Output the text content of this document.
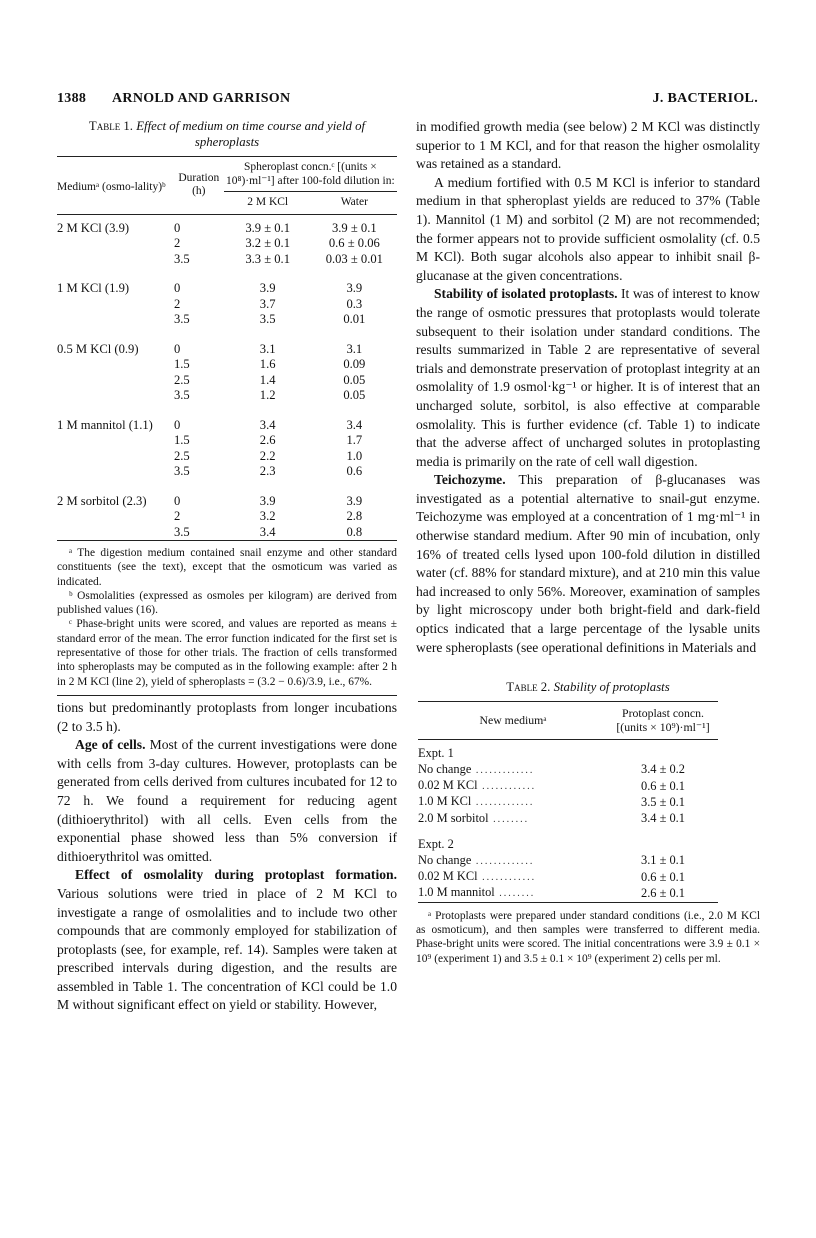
1388 ARNOLD AND GARRISON	J. BACTERIOL.
Table 1. Effect of medium on time course and yield of spheroplasts
Mediumᵃ (osmo-lality)ᵇ	Duration (h)	Spheroplast concn.ᶜ [(units × 10⁸)·ml⁻¹] after 100-fold dilution in:	
		2 M KCl	Water

2 M KCl (3.9)	0	3.9 ± 0.1	3.9 ± 0.1
	2	3.2 ± 0.1	0.6 ± 0.06
	3.5	3.3 ± 0.1	0.03 ± 0.01

1 M KCl (1.9)	0	3.9	3.9
	2	3.7	0.3
	3.5	3.5	0.01

0.5 M KCl (0.9)	0	3.1	3.1
	1.5	1.6	0.09
	2.5	1.4	0.05
	3.5	1.2	0.05

1 M mannitol (1.1)	0	3.4	3.4
	1.5	2.6	1.7
	2.5	2.2	1.0
	3.5	2.3	0.6

2 M sorbitol (2.3)	0	3.9	3.9
	2	3.2	2.8
	3.5	3.4	0.8

ᵃ The digestion medium contained snail enzyme and other standard constituents (see the text), except that the osmoticum was varied as indicated.

ᵇ Osmolalities (expressed as osmoles per kilogram) are derived from published values (16).

ᶜ Phase-bright units were scored, and values are reported as means ± standard error of the mean. The error function indicated for the first set is representative of those for other trials. The fraction of cells transformed into spheroplasts may be computed as in the following example: after 2 h in 2 M KCl (line 2), yield of spheroplasts = (3.2 − 0.6)/3.9, i.e., 67%.

tions but predominantly protoplasts from longer incubations (2 to 3.5 h).

Age of cells. Most of the current investigations were done with cells from 3-day cultures. However, protoplasts can be generated from cells derived from cultures incubated for 12 to 72 h. We found a requirement for reducing agent (dithioerythritol) with all cells. Even cells from the exponential phase showed less than 5% conversion if dithioerythritol was omitted.

Effect of osmolality during protoplast formation. Various solutions were tried in place of 2 M KCl to investigate a range of osmolalities and to include two other compounds that are commonly employed for stabilization of protoplasts (see, for example, ref. 14). Samples were taken at prescribed intervals during digestion, and the results are assembled in Table 1. The concentration of KCl could be 1.0 M without significant effect on yield or stability. However,

in modified growth media (see below) 2 M KCl was distinctly superior to 1 M KCl, and for that reason the higher osmolality was retained as a standard.

A medium fortified with 0.5 M KCl is inferior to standard medium in that spheroplast yields are reduced to 37% (Table 1). Mannitol (1 M) and sorbitol (2 M) are not recommended; the former appears not to provide sufficient osmolality (cf. 0.5 M KCl). Both sugar alcohols also appear to inhibit snail β-glucanase at the given concentrations.

Stability of isolated protoplasts. It was of interest to know the range of osmotic pressures that protoplasts would tolerate subsequent to their isolation under standard conditions. The results summarized in Table 2 are representative of several trials and demonstrate preservation of protoplast integrity at an osmolality of 1.9 osmol·kg⁻¹ or higher. It is of interest that an uncharged solute, sorbitol, is also effective at comparable osmolality. This is further evidence (cf. Table 1) to indicate that the adverse affect of uncharged solutes in protoplasting media is primarily on the rate of cell wall digestion.

Teichozyme. This preparation of β-glucanases was investigated as a potential alternative to snail-gut enzyme. Teichozyme was employed at a concentration of 1 mg·ml⁻¹ in otherwise standard medium. After 90 min of incubation, only 16% of treated cells lysed upon 100-fold dilution in distilled water (cf. 88% for standard mixture), and at 210 min this value had increased to only 56%. Moreover, examination of samples by light microscopy under both bright-field and dark-field optics indicated that a large percentage of the lysable units were spheroplasts (see operational definitions in Materials and

Table 2. Stability of protoplasts
New mediumᵃ	Protoplast concn. [(units × 10⁹)·ml⁻¹]

Expt. 1	
No change .............	3.4 ± 0.2
0.02 M KCl ............	0.6 ± 0.1
1.0 M KCl .............	3.5 ± 0.1
2.0 M sorbitol ........	3.4 ± 0.1

Expt. 2	
No change .............	3.1 ± 0.1
0.02 M KCl ............	0.6 ± 0.1
1.0 M mannitol ........	2.6 ± 0.1

ᵃ Protoplasts were prepared under standard conditions (i.e., 2.0 M KCl as osmoticum), and then samples were transferred to different media. Phase-bright units were scored. The initial concentrations were 3.9 ± 0.1 × 10⁹ (experiment 1) and 3.5 ± 0.1 × 10⁹ (experiment 2) cells per ml.
